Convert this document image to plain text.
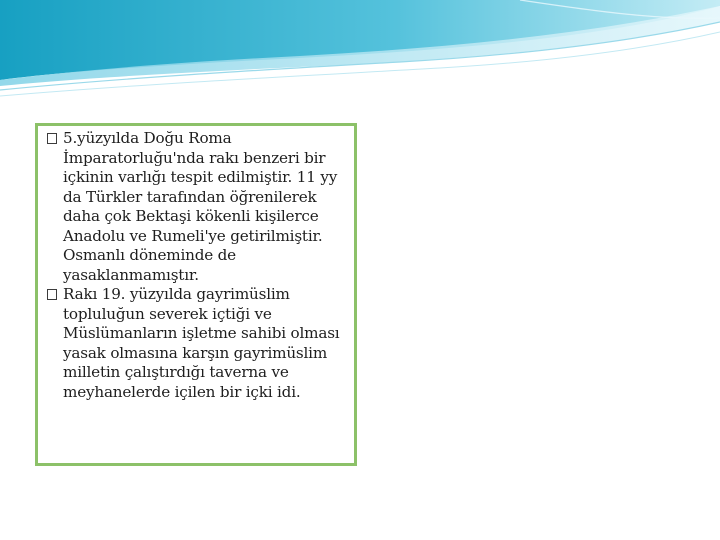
5.yüzyılda Doğu Roma İmparatorluğu'nda rakı benzeri bir içkinin varlığı tespit edilmiştir. 11 yy da Türkler tarafından öğrenilerek daha çok Bektaşi kökenli kişilerce Anadolu ve Rumeli'ye getirilmiştir. Osmanlı döneminde de yasaklanmamıştır.

Rakı 19. yüzyılda gayrimüslim topluluğun severek içtiği ve Müslümanların işletme sahibi olması yasak olmasına karşın gayrimüslim milletin çalıştırdığı taverna ve meyhanelerde içilen bir içki idi.
